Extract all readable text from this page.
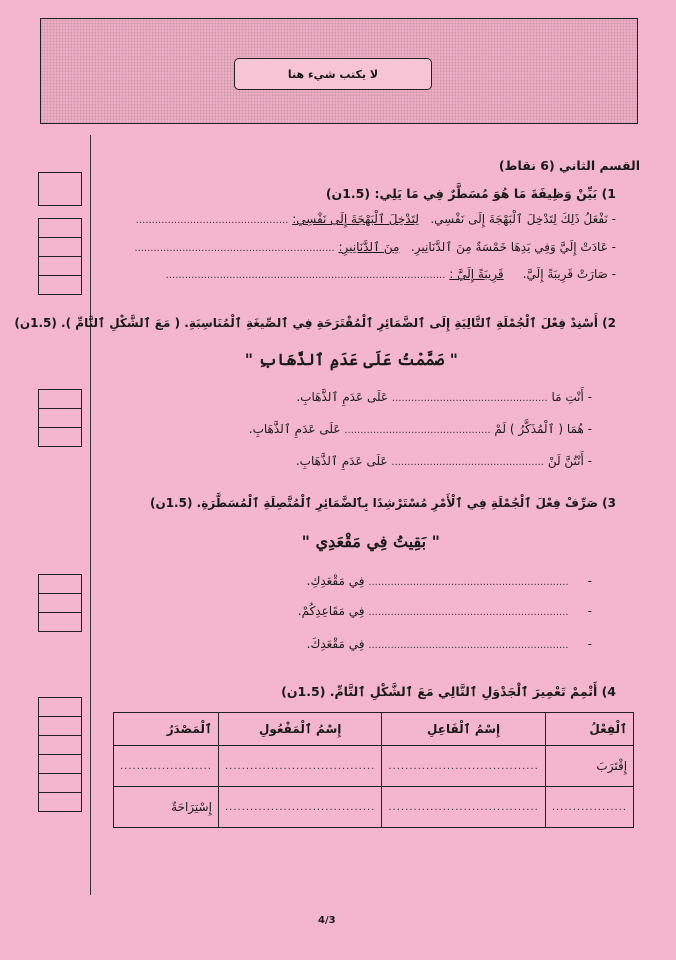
لا يكتب شيء هنا
القسم الثاني (6 نقاط)
1) بَيِّنْ وَظِيفَةَ مَا هُوَ مُسَطَّرٌ فِي مَا يَلِي: (1.5ن)
- نَفْعَلُ ذَلِكَ لِتَدْخِلَ ٱلْبَهْجَةَ إِلَى نَفْسِي.   لِتَدْخِلَ ٱلْبَهْجَةَ إِلَى نَفْسِي: ................................................
- عَادَتْ إِلَيَّ وَفِي يَدِهَا خَمْسَةٌ مِنَ ٱلدَّنَانِيرِ.   مِنَ ٱلدَّنَانِيرِ: ...............................................................
- صَارَتْ قَرِيبَةً إِلَيَّ.     قَرِيبَةً إِلَيَّ : ........................................................................................
2) أَسْنِدْ فِعْلَ ٱلْجُمْلَةِ ٱلتَّالِيَةِ إِلَى ٱلضَّمَائِرِ ٱلْمُقْتَرَحَةِ فِي ٱلصِّيغَةِ ٱلْمُنَاسِبَةِ. ( مَعَ ٱلشَّكْلِ ٱلتَّامِّ ). (1.5ن)
" صَمَّمْتُ عَلَى عَدَمِ ٱلذَّهَابِ "
- أَنْتِ مَا ................................................. عَلَى عَدَمِ ٱلذَّهَابِ.
- هُمَا ( ٱلْمُذَكَّرُ ) لَمْ .............................................. عَلَى عَدَمِ ٱلذَّهَابِ.
- أَنْتُنَّ لَنْ ................................................ عَلَى عَدَمِ ٱلذَّهَابِ.
3) صَرِّفْ فِعْلَ ٱلْجُمْلَةِ فِي ٱلْأَمْرِ مُسْتَرْشِدًا بِٱلضَّمَائِرِ ٱلْمُتَّصِلَةِ ٱلْمُسَطَّرَةِ. (1.5ن)
" بَقِيتُ فِي مَقْعَدِي "
-     ............................................................... فِي مَقْعَدِكِ.
-     ............................................................... فِي مَقَاعِدِكُمْ.
-     ............................................................... فِي مَقْعَدِكَ.
4) أَتْمِمْ تَعْمِيرَ ٱلْجَدْوَلِ ٱلتَّالِي مَعَ ٱلشَّكْلِ ٱلتَّامِّ. (1.5ن)
ٱلْفِعْلُ	إِسْمُ ٱلْفَاعِلِ	إِسْمُ ٱلْمَفْعُولِ	ٱلْمَصْدَرُ
إِقْتَرَبَ	....................................	....................................	......................
..................	....................................	....................................	إِسْتِرَاحَةٌ
4/3
